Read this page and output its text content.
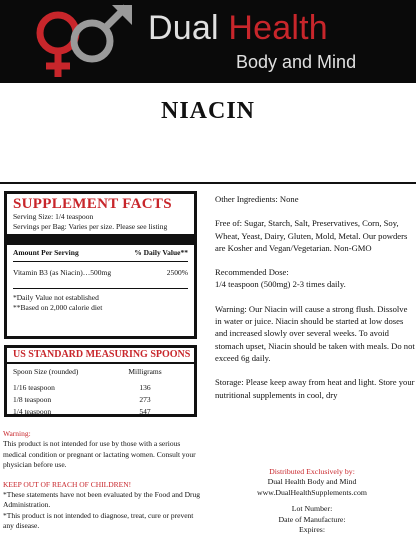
Dual Health
Body and Mind
NIACIN
SUPPLEMENT FACTS
Serving Size: 1/4 teaspoon
Servings per Bag: Varies per size. Please see listing
Amount Per Serving	% Daily Value**
Vitamin B3 (as Niacin)…500mg	2500%
*Daily Value not established
**Based on 2,000 calorie diet
US STANDARD MEASURING SPOONS
Spoon Size (rounded)	Milligrams
1/16 teaspoon	136
1/8 teaspoon	273
1/4 teaspoon	547
Warning:
This product is not intended for use by those with a serious medical condition or pregnant or lactating women. Consult your physician before use.
KEEP OUT OF REACH OF CHILDREN!
*These statements have not been evaluated by the Food and Drug Administration.
*This product is not intended to diagnose, treat, cure or prevent any disease.

Other Ingredients: None

Free of: Sugar, Starch, Salt, Preservatives, Corn, Soy, Wheat, Yeast, Dairy, Gluten, Mold, Metal. Our powders are Kosher and Vegan/Vegetarian. Non-GMO

Recommended Dose:

1/4 teaspoon (500mg) 2-3 times daily.

Warning: Our Niacin will cause a strong flush. Dissolve in water or juice. Niacin should be started at low doses and increased slowly over several weeks. To avoid stomach upset, Niacin should be taken with meals. Do not exceed 6g daily.

Storage: Please keep away from heat and light. Store your nutritional supplements in cool, dry

Distributed Exclusively by:
Dual Health Body and Mind
www.DualHealthSupplements.com
Lot Number:
Date of Manufacture:
Expires:
